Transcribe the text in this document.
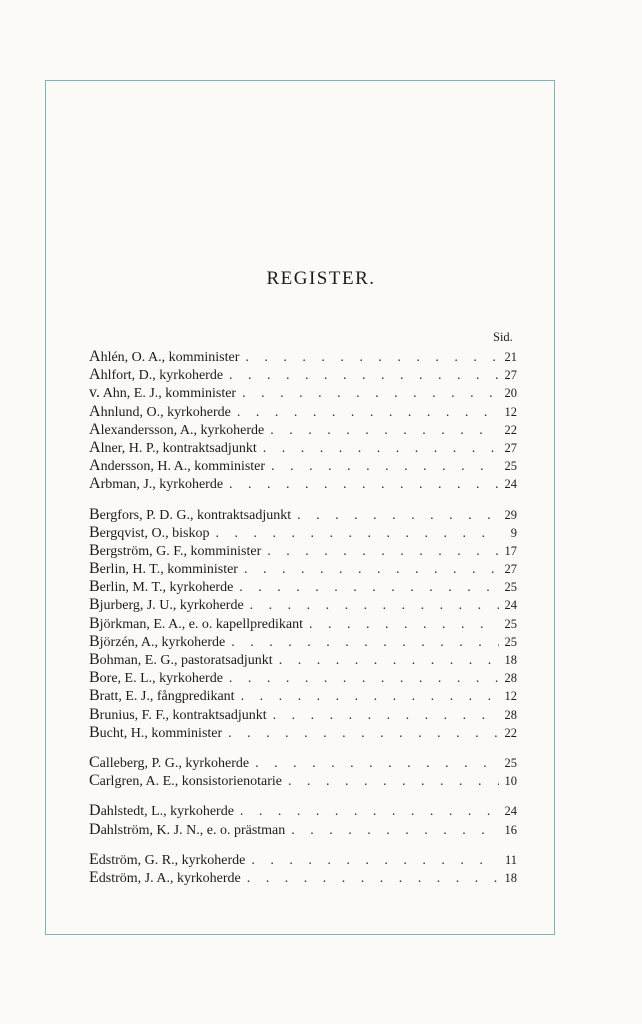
REGISTER.
Sid.
Ahlén, O. A., komminister . . .	21
Ahlfort, D., kyrkoherde . . .	27
v. Ahn, E. J., komminister . . .	20
Ahnlund, O., kyrkoherde . . .	12
Alexandersson, A., kyrkoherde . . .	22
Alner, H. P., kontraktsadjunkt . . .	27
Andersson, H. A., komminister . . .	25
Arbman, J., kyrkoherde . . .	24
Bergfors, P. D. G., kontraktsadjunkt . . .	29
Bergqvist, O., biskop . . .	9
Bergström, G. F., komminister . . .	17
Berlin, H. T., komminister . . .	27
Berlin, M. T., kyrkoherde . . .	25
Bjurberg, J. U., kyrkoherde . . .	24
Björkman, E. A., e. o. kapellpredikant . . .	25
Björzén, A., kyrkoherde . . .	25
Bohman, E. G., pastoratsadjunkt . . .	18
Bore, E. L., kyrkoherde . . .	28
Bratt, E. J., fångpredikant . . .	12
Brunius, F. F., kontraktsadjunkt . . .	28
Bucht, H., komminister . . .	22
Calleberg, P. G., kyrkoherde . . .	25
Carlgren, A. E., konsistorienotarie . . .	10
Dahlstedt, L., kyrkoherde . . .	24
Dahlström, K. J. N., e. o. prästman . . .	16
Edström, G. R., kyrkoherde . . .	11
Edström, J. A., kyrkoherde . . .	18
